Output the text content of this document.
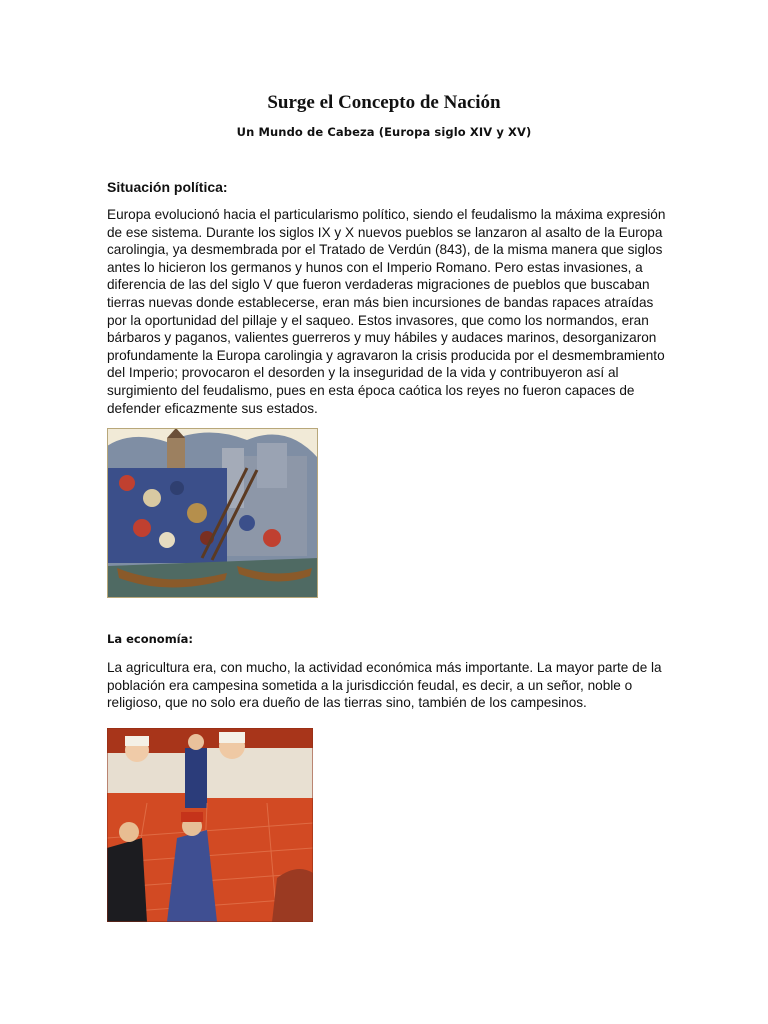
Surge el Concepto de Nación
Un Mundo de Cabeza (Europa siglo XIV y XV)
Situación política:
Europa evolucionó hacia el particularismo político, siendo el feudalismo la máxima expresión de ese sistema. Durante los siglos IX y X nuevos pueblos se lanzaron al asalto de la Europa carolingia, ya desmembrada por el Tratado de Verdún (843), de la misma manera que siglos antes lo hicieron los germanos y hunos con el Imperio Romano. Pero estas invasiones, a diferencia de las del siglo V que fueron verdaderas migraciones de pueblos que buscaban tierras nuevas donde establecerse, eran más bien incursiones de bandas rapaces atraídas por la oportunidad del pillaje y el saqueo. Estos invasores, que como los normandos, eran bárbaros y paganos, valientes guerreros y muy hábiles y audaces marinos, desorganizaron profundamente la Europa carolingia y agravaron la crisis producida por el desmembramiento del Imperio; provocaron el desorden y la inseguridad de la vida y contribuyeron así al surgimiento del feudalismo, pues en esta época caótica los reyes no fueron capaces de defender eficazmente sus estados.
La economía:
La agricultura era, con mucho, la actividad económica más importante. La mayor parte de la población era campesina sometida a la jurisdicción feudal, es decir, a un señor, noble o religioso, que no solo era dueño de las tierras sino, también de los campesinos.
